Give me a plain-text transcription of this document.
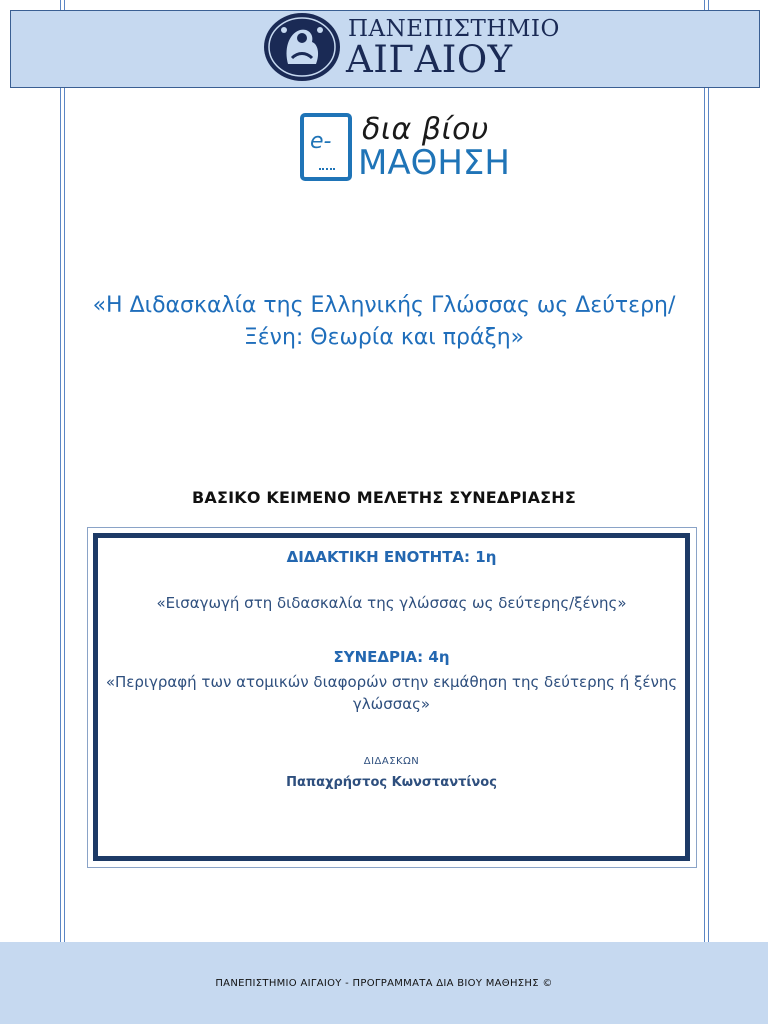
ΠΑΝΕΠΙΣΤΗΜΙΟ
ΑΙΓΑΙΟΥ
e- δια βίου
ΜΑΘΗΣΗ
«Η Διδασκαλία της Ελληνικής Γλώσσας ως Δεύτερη/Ξένη: Θεωρία και πράξη»
ΒΑΣΙΚΟ ΚΕΙΜΕΝΟ ΜΕΛΕΤΗΣ ΣΥΝΕΔΡΙΑΣΗΣ
ΔΙΔΑΚΤΙΚΗ ΕΝΟΤΗΤΑ: 1η
«Εισαγωγή στη διδασκαλία της γλώσσας ως δεύτερης/ξένης»
ΣΥΝΕΔΡΙΑ: 4η
«Περιγραφή των ατομικών διαφορών στην εκμάθηση της δεύτερης ή ξένης γλώσσας»
ΔΙΔΑΣΚΩΝ
Παπαχρήστος Κωνσταντίνος
ΠΑΝΕΠΙΣΤΗΜΙΟ ΑΙΓΑΙΟΥ - ΠΡΟΓΡΑΜΜΑΤΑ ΔΙΑ ΒΙΟΥ ΜΑΘΗΣΗΣ ©
